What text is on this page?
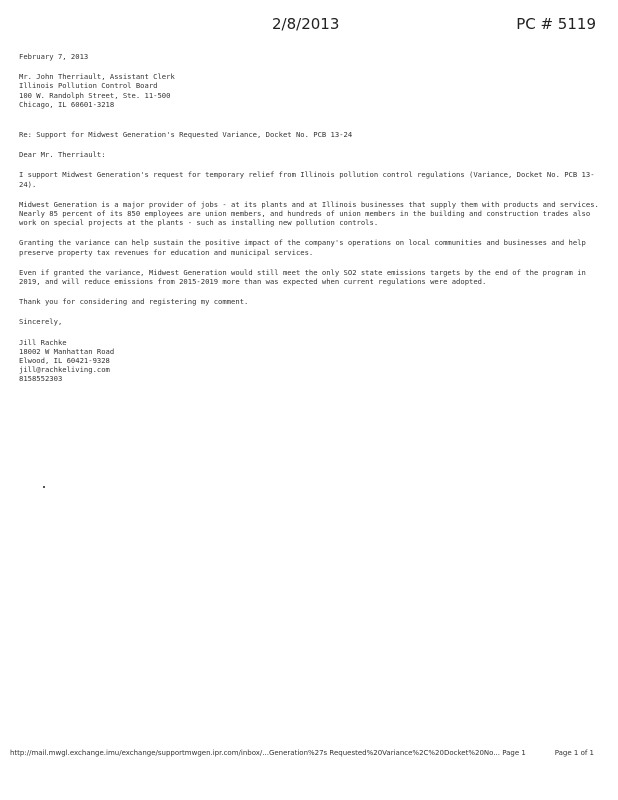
2/8/2013	PC # 5119

February 7, 2013

Mr. John Therriault, Assistant Clerk
Illinois Pollution Control Board
100 W. Randolph Street, Ste. 11-500
Chicago, IL 60601-3218

Re: Support for Midwest Generation's Requested Variance, Docket No. PCB 13-24

Dear Mr. Therriault:

I support Midwest Generation's request for temporary relief from Illinois pollution control regulations (Variance, Docket No. PCB 13-24).

Midwest Generation is a major provider of jobs - at its plants and at Illinois businesses that supply them with products and services. Nearly 85 percent of its 850 employees are union members, and hundreds of union members in the building and construction trades also work on special projects at the plants - such as installing new pollution controls.

Granting the variance can help sustain the positive impact of the company's operations on local communities and businesses and help preserve property tax revenues for education and municipal services.

Even if granted the variance, Midwest Generation would still meet the only SO2 state emissions targets by the end of the program in 2019, and will reduce emissions from 2015-2019 more than was expected when current regulations were adopted.

Thank you for considering and registering my comment.

Sincerely,

Jill Rachke
18002 W Manhattan Road
Elwood, IL 60421-9328
jill@rachkeliving.com
8158552303
http://mail.mwgl.exchange.imu/exchange/supportmwgen.ipr.com/inbox/...Generation%27s Requested%20Variance%2C%20Docket%20No... Page 1	Page 1 of 1
